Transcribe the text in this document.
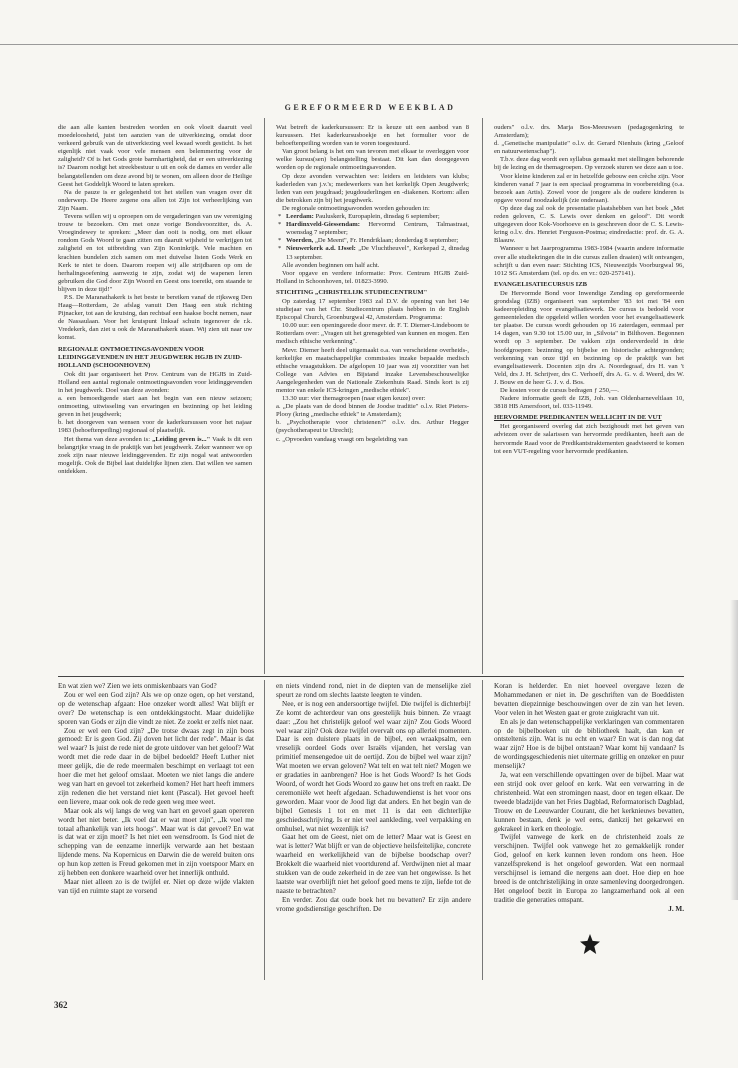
GEREFORMEERD WEEKBLAD

die aan alle kanten bestreden worden en ook vloeit daaruit veel moedeloosheid, juist ten aanzien van de uitverkiezing, omdat door verkeerd gebruik van de uitverkiezing veel kwaad wordt gesticht. Is het eigenlijk niet vaak voor vele mensen een belemmering voor de zaligheid? Of is het Gods grote barmhartigheid, dat er een uitverkiezing is? Daarom nodigt het streekbestuur u uit en ook de dames en verder alle belangstellenden om deze avond bij te wonen, om alleen door de Heilige Geest het Goddelijk Woord te laten spreken.

Na de pauze is er gelegenheid tot het stellen van vragen over dit onderwerp. De Heere zegene ons allen tot Zijn tot verheerlijking van Zijn Naam.

Tevens willen wij u oproepen om de vergaderingen van uw vereniging trouw te bezoeken. Om met onze vorige Bondsvoorzitter, ds. A. Vroegindewey te spreken: „Meer dan ooit is nodig, om met elkaar rondom Gods Woord te gaan zitten om daaruit wijsheid te verkrijgen tot zaligheid en tot uitbreiding van Zijn Koninkrijk. Vele machten en krachten bundelen zich samen om met duivelse listen Gods Werk en Kerk te niet te doen. Daarom roepen wij alle strijdbaren op om de herhalingsoefening aanwezig te zijn, zodat wij de wapenen leren gebruiken die God door Zijn Woord en Geest ons toereikt, om staande te blijven in deze tijd!"

P.S. De Maranathakerk is het beste te bereiken vanaf de rijksweg Den Haag—Rotterdam, 2e afslag vanuit Den Haag een stuk richting Pijnacker, tot aan de kruising, dan rechtsaf een haakse bocht nemen, naar de Nassaulaan. Voor het kruispunt linksaf schuin tegenover de r.k. Vredekerk, dan ziet u ook de Maranathakerk staan. Wij zien uit naar uw komst.

REGIONALE ONTMOETINGSAVONDEN VOOR LEIDINGGEVENDEN IN HET JEUGDWERK HGJB IN ZUID-HOLLAND (SCHOONHOVEN)

Ook dit jaar organiseert het Prov. Centrum van de HGJB in Zuid-Holland een aantal regionale ontmoetingsavonden voor leidinggevenden in het jeugdwerk. Doel van deze avonden:

a. een bemoedigende start aan het begin van een nieuw seizoen; ontmoeting, uitwisseling van ervaringen en bezinning op het leiding geven in het jeugdwerk;

b. het doorgeven van wensen voor de kaderkursussen voor het najaar 1983 (behoeftenpeiling) regionaal of plaatselijk.

Het thema van deze avonden is: „Leiding geven is..." Vaak is dit een belangrijke vraag in de praktijk van het jeugdwerk. Zeker wanneer we op zoek zijn naar nieuwe leidinggevenden. Er zijn nogal wat antwoorden mogelijk. Ook de Bijbel laat duidelijke lijnen zien. Dat willen we samen ontdekken.

Wat betreft de kaderkursussen: Er is keuze uit een aanbod van 8 kursussen. Het kaderkursusboekje en het formulier voor de behoeftenpeiling worden van te voren toegestuurd.

Van groot belang is het om van tevoren met elkaar te overleggen voor welke kursus(sen) belangstelling bestaat. Dit kan dan doorgegeven worden op de regionale ontmoetingsavonden.

Op deze avonden verwachten we: leiders en leidsters van klubs; kaderleden van j.v.'s; medewerkers van het kerkelijk Open Jeugdwerk; leden van een jeugdraad; jeugdouderlingen en -diakenen. Kortom: allen die betrokken zijn bij het jeugdwerk.

De regionale ontmoetingsavonden worden gehouden in:

* Leerdam: Pauluskerk, Europaplein, dinsdag 6 september;
* Hardinxveld-Giessendam: Hervormd Centrum, Talmastraat, woensdag 7 september;
* Woerden, „De Meent", Fr. Hendriklaan; donderdag 8 september;
* Nieuwerkerk a.d. IJssel: „De Vluchtheuvel", Kerkepad 2, dinsdag 13 september.

Alle avonden beginnen om half acht.

Voor opgave en verdere informatie: Prov. Centrum HGJB Zuid-Holland in Schoonhoven, tel. 01823-3990.

STICHTING „CHRISTELIJK STUDIECENTRUM"

Op zaterdag 17 september 1983 zal D.V. de opening van het 14e studiejaar van het Chr. Studiecentrum plaats hebben in de English Episcopal Church, Groenburgwal 42, Amsterdam. Programma:

10.00 uur: een openingsrede door mevr. dr. F. T. Diemer-Lindeboom te Rotterdam over: „Vragen uit het grensgebied van kunnen en mogen. Een medisch ethische verkenning".

Mevr. Diemer heeft deel uitgemaakt o.a. van verscheidene overheids-, kerkelijke en maatschappelijke commissies inzake bepaalde medisch ethische vraagstukken. De afgelopen 10 jaar was zij voorzitter van het College van Advies en Bijstand inzake Levensbeschouwelijke Aangelegenheden van de Nationale Ziekenhuis Raad. Sinds kort is zij mentor van enkele ICS-kringen „medische ethiek".

13.30 uur: vier themagroepen (naar eigen keuze) over:

a. „De plaats van de dood binnen de Joodse traditie" o.l.v. Riet Pieters-Plooy (kring „medische ethiek" te Amsterdam);

b. „Psychotherapie voor christenen?" o.l.v. drs. Arthur Hegger (psychotherapeut te Utrecht);

c. „Opvoeden vandaag vraagt om begeleiding van

ouders" o.l.v. drs. Marja Bos-Meeuwsen (pedagogenkring te Amsterdam);

d. „Genetische manipulatie" o.l.v. dr. Gerard Nienhuis (kring „Geloof en natuurwetenschap").

T.b.v. deze dag wordt een syllabus gemaakt met stellingen behorende bij de lezing en de themagroepen. Op verzoek sturen we deze aan u toe.

Voor kleine kinderen zal er in hetzelfde gebouw een crèche zijn. Voor kinderen vanaf 7 jaar is een speciaal programma in voorbereiding (o.a. bezoek aan Artis). Zowel voor de jongere als de oudere kinderen is opgave vooraf noodzakelijk (zie onderaan).

Op deze dag zal ook de presentatie plaatshebben van het boek „Met reden geloven, C. S. Lewis over denken en geloof". Dit wordt uitgegeven door Kok-Voorhoeve en is geschreven door de C. S. Lewis-kring o.l.v. drs. Henriet Ferguson-Postma; eindredactie: prof. dr. G. A. Blaauw.

Wanneer u het Jaarprogramma 1983-1984 (waarin andere informatie over alle studiekringen die in die cursus zullen draaien) wilt ontvangen, schrijft u dan even naar: Stichting ICS, Nieuwezijds Voorburgwal 96, 1012 SG Amsterdam (tel. op do. en vr.: 020-257141).

EVANGELISATIECURSUS IZB

De Hervormde Bond voor Inwendige Zending op gereformeerde grondslag (IZB) organiseert van september '83 tot mei '84 een kadeeropleiding voor evangelisatiewerk. De cursus is bedoeld voor gemeenteleden die opgeleid willen worden voor het evangelisatiewerk ter plaatse. De cursus wordt gehouden op 16 zaterdagen, eenmaal per 14 dagen, van 9.30 tot 15.00 uur, in „Silvota" in Bilthoven. Begonnen wordt op 3 september. De vakken zijn onderverdeeld in drie hoofdgroepen: bezinning op bijbelse en historische achtergronden; verkenning van onze tijd en bezinning op de praktijk van het evangelisatiewerk. Docenten zijn drs A. Noordegraaf, drs H. van 't Veld, drs J. H. Schrijver, drs C. Verhoeff, drs A. G. v. d. Weerd, drs W. J. Bouw en de heer G. J. v. d. Bos.

De kosten voor de cursus bedragen ƒ 250,—.

Nadere informatie geeft de IZB, Joh. van Oldenbarneveltlaan 10, 3818 HB Amersfoort, tel. 033-11949.

HERVORMDE PREDIKANTEN WELLICHT IN DE VUT

Het georganiseerd overleg dat zich bezighoudt met het geven van adviezen over de salarissen van hervormde predikanten, heeft aan de hervormde Raad voor de Predikantstraktementen geadviseerd te komen tot een VUT-regeling voor hervormde predikanten.

En wat zien we? Zien we iets onmiskenbaars van God?

Zou er wel een God zijn? Als we op onze ogen, op het verstand, op de wetenschap afgaan: Hoe onzeker wordt alles! Wat blijft er over? De wetenschap is een ontdekkingstocht. Maar duidelijke sporen van Gods er zijn die vindt ze niet. Ze zoekt er zelfs niet naar.

Zou er wel een God zijn? „De trotse dwaas zegt in zijn boos gemoed: Er is geen God. Zij doven het licht der rede". Maar is dat wel waar? Is juist de rede niet de grote uitdover van het geloof? Wat wordt met die rede daar in de bijbel bedoeld? Heeft Luther niet meer gelijk, die de rede meermalen beschimpt en verlaagt tot een hoer die met het geloof omslaat. Moeten we niet langs die andere weg van hart en gevoel tot zekerheid komen? Het hart heeft immers zijn redenen die het verstand niet kent (Pascal). Het gevoel heeft een lievere, maar ook ook de rede geen weg mee weet.

Maar ook als wij langs de weg van hart en gevoel gaan opereren wordt het niet beter. „Ik voel dat er wat moet zijn", „Ik voel me totaal afhankelijk van iets hoogs". Maar wat is dat gevoel? En wat is dat wat er zijn moet? Is het niet een wensdroom. Is God niet de schepping van de eenzame innerlijk verwarde aan het bestaan lijdende mens. Na Kopernicus en Darwin die de wereld buiten ons op hun kop zetten is Freud gekomen met in zijn voetspoor Marx en zij hebben een donkere waarheid over het innerlijk onthuld.

Maar niet alleen zo is de twijfel er. Niet op deze wijde vlakten van tijd en ruimte stapt ze vorsend

en niets vindend rond, niet in de diepten van de menselijke ziel speurt ze rond om slechts laatste leegten te vinden.

Nee, er is nog een andersoortige twijfel. Die twijfel is dichterbij! Ze komt de achterdeur van ons geestelijk huis binnen. Ze vraagt daar: „Zou het christelijk geloof wel waar zijn? Zou Gods Woord wel waar zijn? Ook deze twijfel overvalt ons op allerlei momenten. Daar is een duistere plaats in de bijbel, een wraakpsalm, een vreselijk oordeel Gods over Israëls vijanden, het verslag van primitief mensengedoe uit de oertijd. Zou de bijbel wel waar zijn? Wat moeten we ervan geloven? Wat telt en wat telt niet? Mogen we er gradaties in aanbrengen? Hoe is het Gods Woord? Is het Gods Woord, of wordt het Gods Woord zo gauw het ons treft en raakt. De ceremoniële wet heeft afgedaan. Schaduwendienst is het voor ons geworden. Maar voor de Jood ligt dat anders. En het begin van de bijbel Genesis 1 tot en met 11 is dat een dichterlijke geschiedsschrijving. Is er niet veel aankleding, veel verpakking en omhulsel, wat niet wezenlijk is?

Gaat het om de Geest, niet om de letter? Maar wat is Geest en wat is letter? Wat blijft er van de objectieve heilsfeitelijke, concrete waarheid en werkelijkheid van de bijbelse boodschap over? Brokkelt die waarheid niet voortdurend af. Verdwijnen niet al maar stukken van de oude zekerheid in de zee van het ongewisse. Is het laatste war overblijft niet het geloof goed mens te zijn, liefde tot de naaste te betrachten?

En verder. Zou dat oude boek het nu bevatten? Er zijn andere vrome godsdienstige geschriften. De

Koran is helderder. En niet hoeveel overgave lezen de Mohammedanen er niet in. De geschriften van de Boeddisten bevatten diepzinnige beschouwingen over de zin van het leven. Voor velen in het Westen gaat er grote zuigkracht van uit.

En als je dan wetenschappelijke verklaringen van commentaren op de bijbelboeken uit de bibliotheek haalt, dan kan er ontsteltenis zijn. Wat is nu echt en waar? En wat is dan nog dat waar zijn? Hoe is de bijbel ontstaan? Waar komt hij vandaan? Is de wordingsgeschiedenis niet uitermate grillig en onzeker en puur menselijk?

Ja, wat een verschillende opvattingen over de bijbel. Maar wat een strijd ook over geloof en kerk. Wat een verwarring in de christenheid. Wat een stromingen naast, door en tegen elkaar. De tweede bladzijde van het Fries Dagblad, Reformatorisch Dagblad, Trouw en de Leeuwarder Courant, die het kerknieuws bevatten, kunnen bestaan, denk je wel eens, dankzij het gekarwei en gekrakeel in kerk en theologie.

Twijfel vanwege de kerk en de christenheid zoals ze verschijnen. Twijfel ook vanwege het zo gemakkelijk ronder God, geloof en kerk kunnen leven rondom ons heen. Hoe vanzelfsprekend is het ongeloof geworden. Wat een normaal verschijnsel is iemand die nergens aan doet. Hoe diep en hoe breed is de ontchristelijking in onze samenleving doorgedrongen. Het ongeloof bezit in Europa zo langzamerhand ook al een traditie die generaties omspant.

J. M.

362
